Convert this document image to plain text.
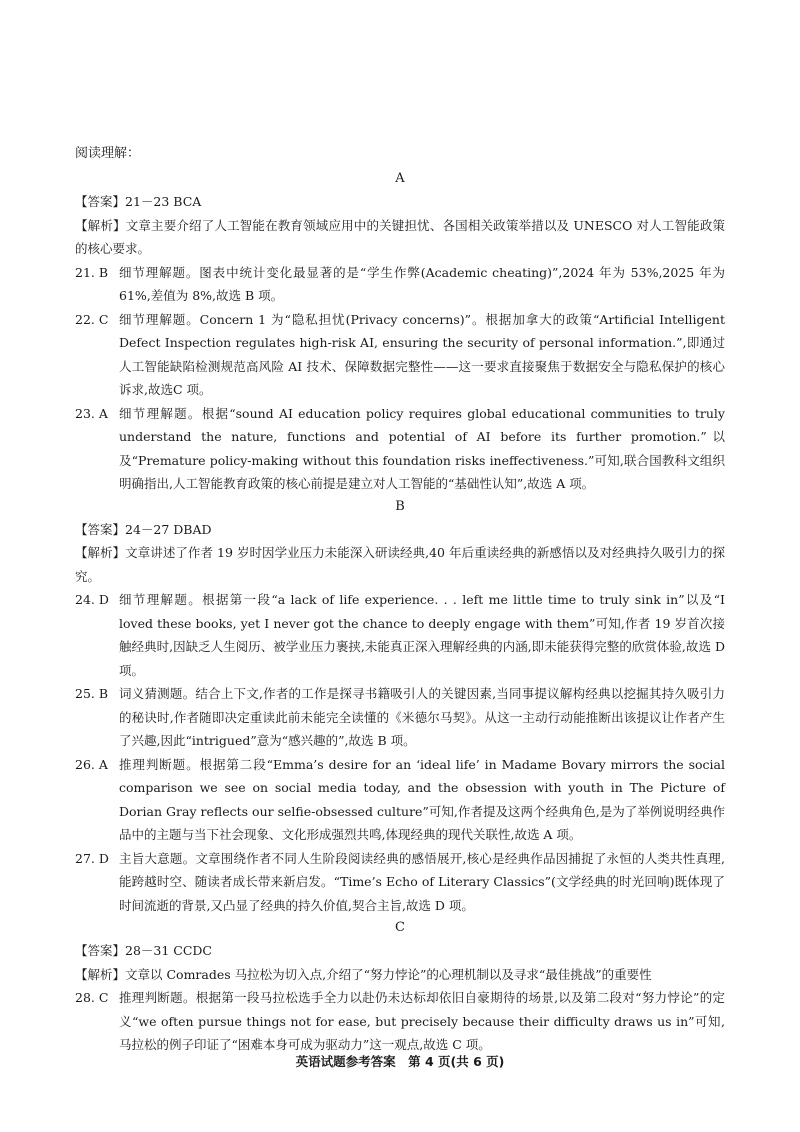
阅读理解：
A
【答案】21－23 BCA
【解析】文章主要介绍了人工智能在教育领域应用中的关键担忧、各国相关政策举措以及 UNESCO 对人工智能政策的核心要求。
21. B 细节理解题。图表中统计变化最显著的是“学生作弊(Academic cheating)”,2024 年为 53%,2025 年为 61%,差值为 8%,故选 B 项。
22. C 细节理解题。Concern 1 为“隐私担忧(Privacy concerns)”。根据加拿大的政策“Artificial Intelligent Defect Inspection regulates high-risk AI, ensuring the security of personal information.”,即通过人工智能缺陷检测规范高风险 AI 技术、保障数据完整性——这一要求直接聚焦于数据安全与隐私保护的核心诉求,故选C 项。
23. A 细节理解题。根据“sound AI education policy requires global educational communities to truly understand the nature, functions and potential of AI before its further promotion.”以及“Premature policy-making without this foundation risks ineffectiveness.”可知,联合国教科文组织明确指出,人工智能教育政策的核心前提是建立对人工智能的“基础性认知”,故选 A 项。
B
【答案】24－27 DBAD
【解析】文章讲述了作者 19 岁时因学业压力未能深入研读经典,40 年后重读经典的新感悟以及对经典持久吸引力的探究。
24. D 细节理解题。根据第一段“a lack of life experience. . . left me little time to truly sink in”以及“I loved these books, yet I never got the chance to deeply engage with them”可知,作者 19 岁首次接触经典时,因缺乏人生阅历、被学业压力裹挟,未能真正深入理解经典的内涵,即未能获得完整的欣赏体验,故选 D 项。
25. B 词义猜测题。结合上下文,作者的工作是探寻书籍吸引人的关键因素,当同事提议解构经典以挖掘其持久吸引力的秘诀时,作者随即决定重读此前未能完全读懂的《米德尔马契》。从这一主动行动能推断出该提议让作者产生了兴趣,因此“intrigued”意为“感兴趣的”,故选 B 项。
26. A 推理判断题。根据第二段“Emma’s desire for an ‘ideal life’ in Madame Bovary mirrors the social comparison we see on social media today, and the obsession with youth in The Picture of Dorian Gray reflects our selfie-obsessed culture”可知,作者提及这两个经典角色,是为了举例说明经典作品中的主题与当下社会现象、文化形成强烈共鸣,体现经典的现代关联性,故选 A 项。
27. D 主旨大意题。文章围绕作者不同人生阶段阅读经典的感悟展开,核心是经典作品因捕捉了永恒的人类共性真理,能跨越时空、随读者成长带来新启发。“Time’s Echo of Literary Classics”(文学经典的时光回响)既体现了时间流逝的背景,又凸显了经典的持久价值,契合主旨,故选 D 项。
C
【答案】28－31 CCDC
【解析】文章以 Comrades 马拉松为切入点,介绍了“努力悖论”的心理机制以及寻求“最佳挑战”的重要性
28. C 推理判断题。根据第一段马拉松选手全力以赴仍未达标却依旧自豪期待的场景,以及第二段对“努力悖论”的定义“we often pursue things not for ease, but precisely because their difficulty draws us in”可知,马拉松的例子印证了“困难本身可成为驱动力”这一观点,故选 C 项。
英语试题参考答案　第 4 页(共 6 页)
